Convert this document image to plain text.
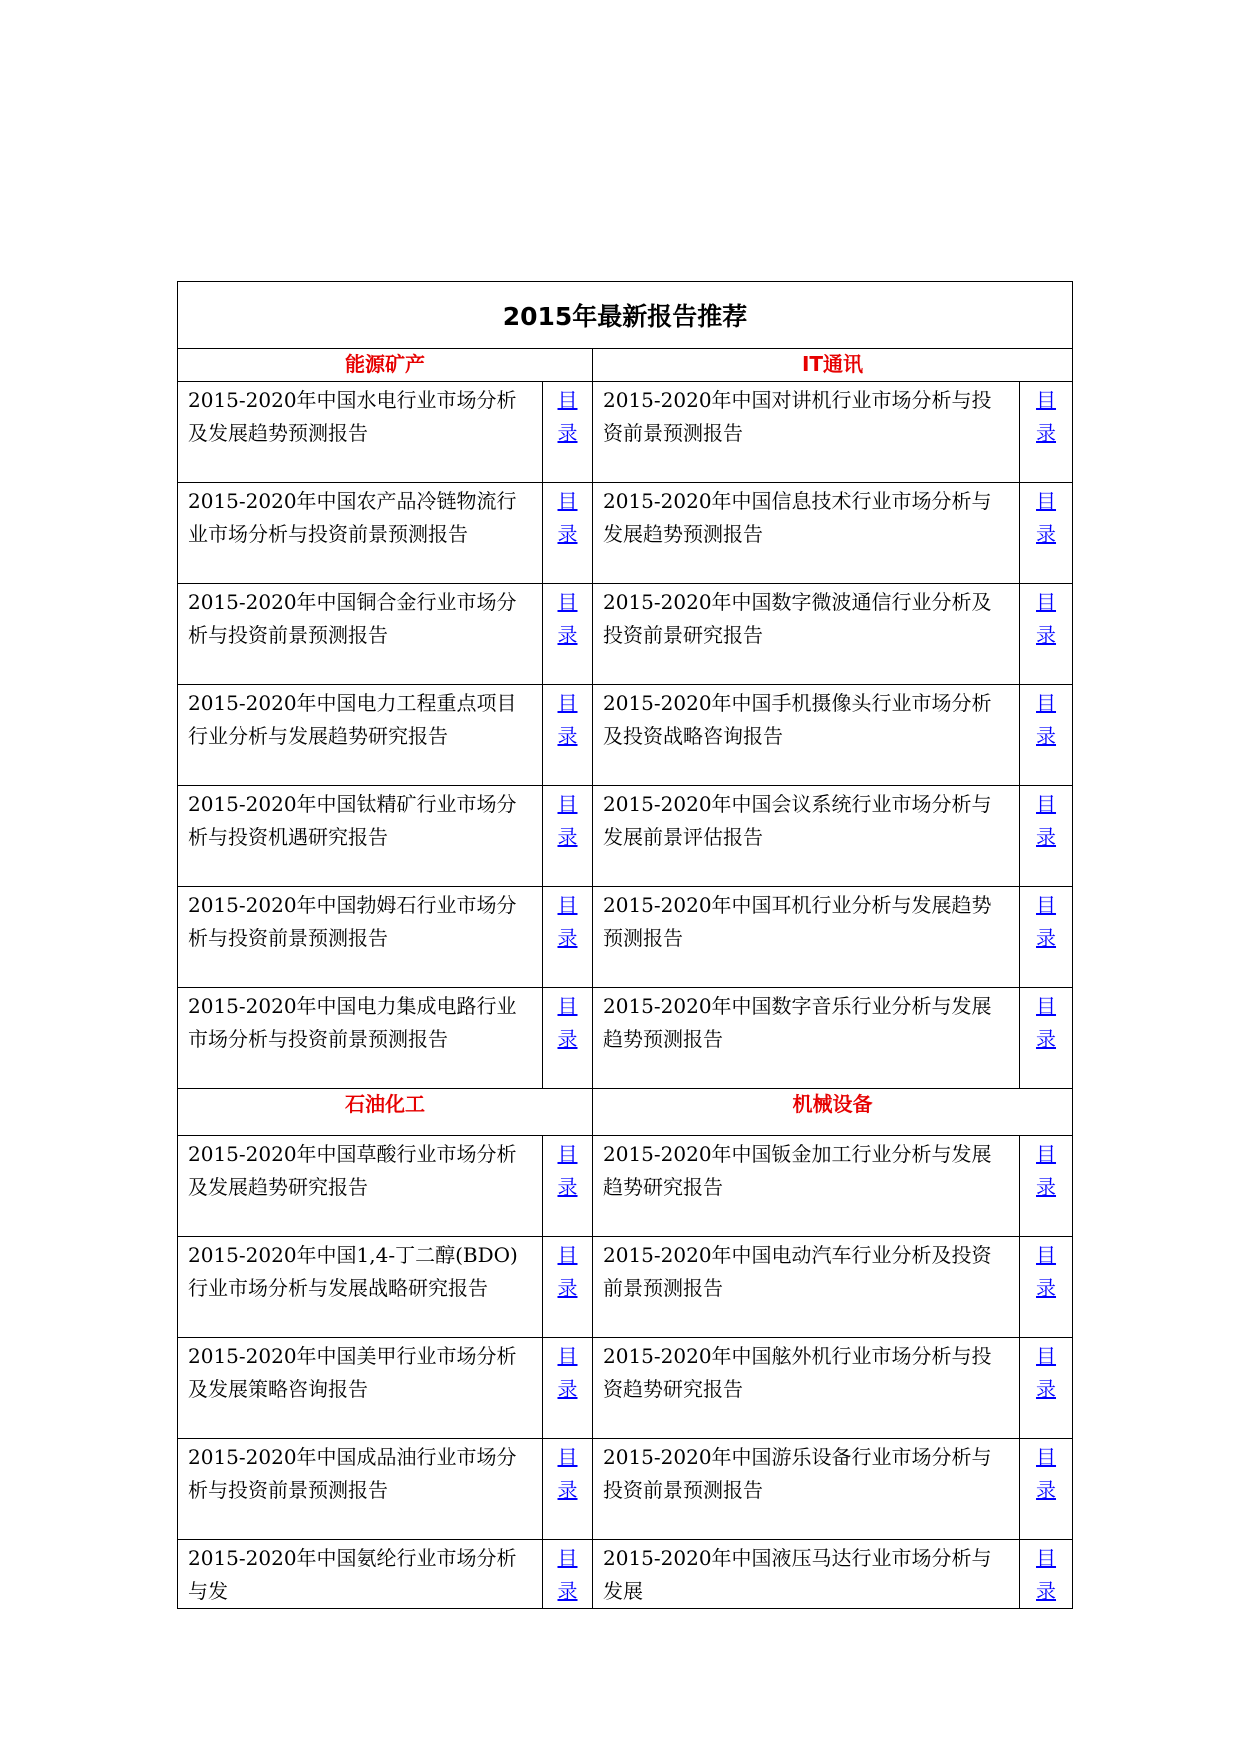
2015年最新报告推荐			

能源矿产		IT通讯	

2015-2020年中国水电行业市场分析及发展趋势预测报告	目录	2015-2020年中国对讲机行业市场分析与投资前景预测报告	目录

2015-2020年中国农产品冷链物流行业市场分析与投资前景预测报告	目录	2015-2020年中国信息技术行业市场分析与发展趋势预测报告	目录

2015-2020年中国铜合金行业市场分析与投资前景预测报告	目录	2015-2020年中国数字微波通信行业分析及投资前景研究报告	目录

2015-2020年中国电力工程重点项目行业分析与发展趋势研究报告	目录	2015-2020年中国手机摄像头行业市场分析及投资战略咨询报告	目录

2015-2020年中国钛精矿行业市场分析与投资机遇研究报告	目录	2015-2020年中国会议系统行业市场分析与发展前景评估报告	目录

2015-2020年中国勃姆石行业市场分析与投资前景预测报告	目录	2015-2020年中国耳机行业分析与发展趋势预测报告	目录

2015-2020年中国电力集成电路行业市场分析与投资前景预测报告	目录	2015-2020年中国数字音乐行业分析与发展趋势预测报告	目录

石油化工		机械设备	

2015-2020年中国草酸行业市场分析及发展趋势研究报告	目录	2015-2020年中国钣金加工行业分析与发展趋势研究报告	目录

2015-2020年中国1,4-丁二醇(BDO)行业市场分析与发展战略研究报告	目录	2015-2020年中国电动汽车行业分析及投资前景预测报告	目录

2015-2020年中国美甲行业市场分析及发展策略咨询报告	目录	2015-2020年中国舷外机行业市场分析与投资趋势研究报告	目录

2015-2020年中国成品油行业市场分析与投资前景预测报告	目录	2015-2020年中国游乐设备行业市场分析与投资前景预测报告	目录

2015-2020年中国氨纶行业市场分析与发	目录	2015-2020年中国液压马达行业市场分析与发展	目录
